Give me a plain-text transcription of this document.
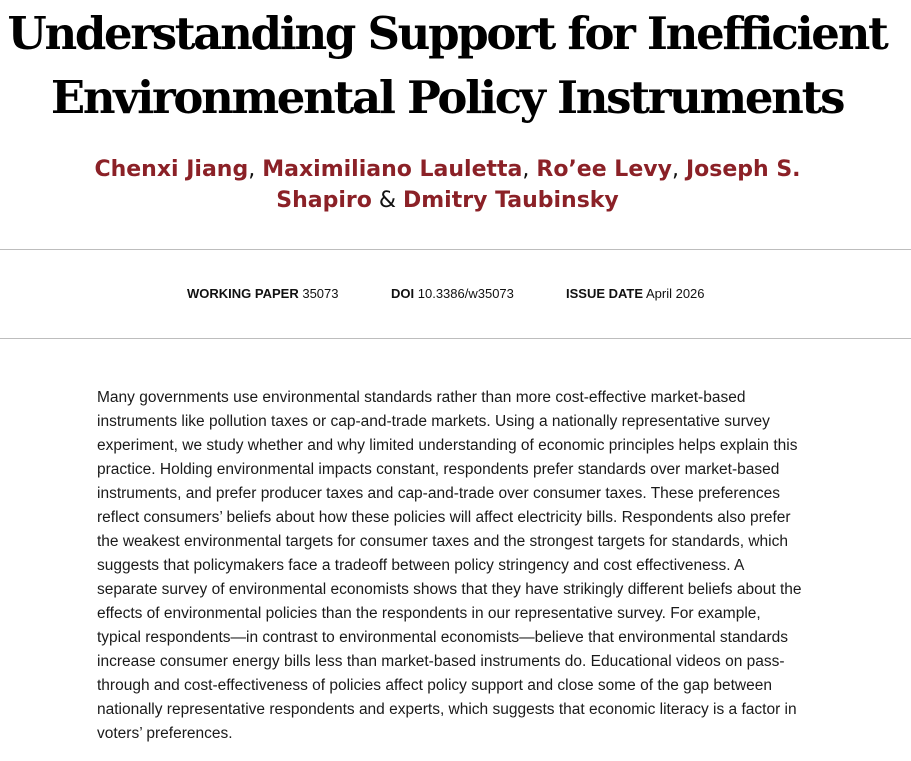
Understanding Support for Inefficient Environmental Policy Instruments
Chenxi Jiang, Maximiliano Lauletta, Ro’ee Levy, Joseph S. Shapiro & Dmitry Taubinsky
WORKING PAPER 35073	DOI 10.3386/w35073	ISSUE DATE April 2026

Many governments use environmental standards rather than more cost-effective market-based instruments like pollution taxes or cap-and-trade markets. Using a nationally representative survey experiment, we study whether and why limited understanding of economic principles helps explain this practice. Holding environmental impacts constant, respondents prefer standards over market-based instruments, and prefer producer taxes and cap-and-trade over consumer taxes. These preferences reflect consumers’ beliefs about how these policies will affect electricity bills. Respondents also prefer the weakest environmental targets for consumer taxes and the strongest targets for standards, which suggests that policymakers face a tradeoff between policy stringency and cost effectiveness. A separate survey of environmental economists shows that they have strikingly different beliefs about the effects of environmental policies than the respondents in our representative survey. For example, typical respondents—in contrast to environmental economists—believe that environmental standards increase consumer energy bills less than market-based instruments do. Educational videos on pass-through and cost-effectiveness of policies affect policy support and close some of the gap between nationally representative respondents and experts, which suggests that economic literacy is a factor in voters’ preferences.
